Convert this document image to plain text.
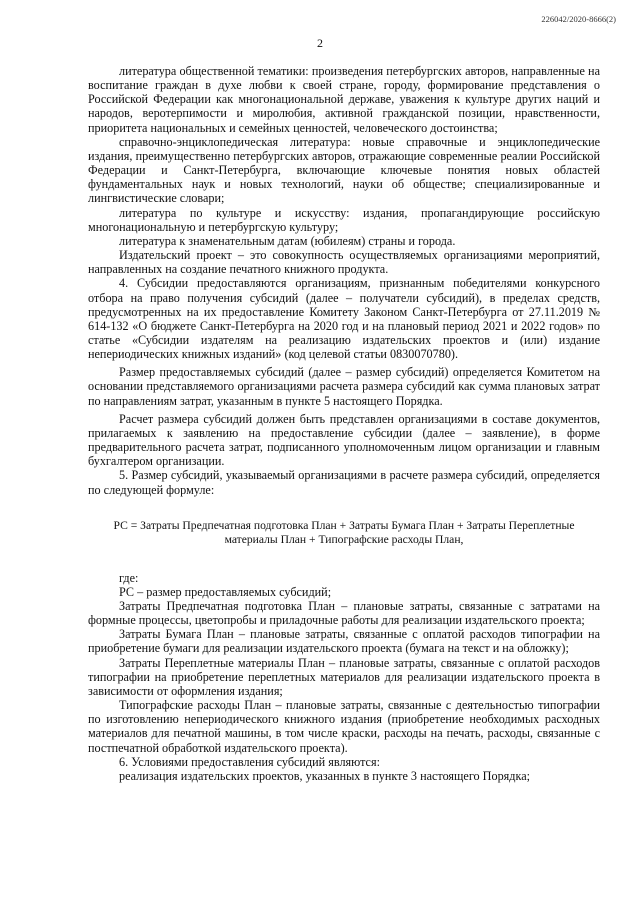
226042/2020-8666(2)
2

литература общественной тематики: произведения петербургских авторов, направленные на воспитание граждан в духе любви к своей стране, городу, формирование представления о Российской Федерации как многонациональной державе, уважения к культуре других наций и народов, веротерпимости и миролюбия, активной гражданской позиции, нравственности, приоритета национальных и семейных ценностей, человеческого достоинства;

справочно-энциклопедическая литература: новые справочные и энциклопедические издания, преимущественно петербургских авторов, отражающие современные реалии Российской Федерации и Санкт-Петербурга, включающие ключевые понятия новых областей фундаментальных наук и новых технологий, науки об обществе; специализированные и лингвистические словари;

литература по культуре и искусству: издания, пропагандирующие российскую многонациональную и петербургскую культуру;

литература к знаменательным датам (юбилеям) страны и города.

Издательский проект – это совокупность осуществляемых организациями мероприятий, направленных на создание печатного книжного продукта.

4. Субсидии предоставляются организациям, признанным победителями конкурсного отбора на право получения субсидий (далее – получатели субсидий), в пределах средств, предусмотренных на их предоставление Комитету Законом Санкт-Петербурга от 27.11.2019 № 614-132 «О бюджете Санкт-Петербурга на 2020 год и на плановый период 2021 и 2022 годов» по статье «Субсидии издателям на реализацию издательских проектов и (или) издание непериодических книжных изданий» (код целевой статьи 0830070780).

Размер предоставляемых субсидий (далее – размер субсидий) определяется Комитетом на основании представляемого организациями расчета размера субсидий как сумма плановых затрат по направлениям затрат, указанным в пункте 5 настоящего Порядка.

Расчет размера субсидий должен быть представлен организациями в составе документов, прилагаемых к заявлению на предоставление субсидии (далее – заявление), в форме предварительного расчета затрат, подписанного уполномоченным лицом организации и главным бухгалтером организации.

5. Размер субсидий, указываемый организациями в расчете размера субсидий, определяется по следующей формуле:

РС = Затраты Предпечатная подготовка План + Затраты Бумага План + Затраты Переплетные
материалы План + Типографские расходы План,

где:

РС – размер предоставляемых субсидий;

Затраты Предпечатная подготовка План – плановые затраты, связанные с затратами на формные процессы, цветопробы и приладочные работы для реализации издательского проекта;

Затраты Бумага План – плановые затраты, связанные с оплатой расходов типографии на приобретение бумаги для реализации издательского проекта (бумага на текст и на обложку);

Затраты Переплетные материалы План – плановые затраты, связанные с оплатой расходов типографии на приобретение переплетных материалов для реализации издательского проекта в зависимости от оформления издания;

Типографские расходы План – плановые затраты, связанные с деятельностью типографии по изготовлению непериодического книжного издания (приобретение необходимых расходных материалов для печатной машины, в том числе краски, расходы на печать, расходы, связанные с постпечатной обработкой издательского проекта).

6. Условиями предоставления субсидий являются:

реализация издательских проектов, указанных в пункте 3 настоящего Порядка;
